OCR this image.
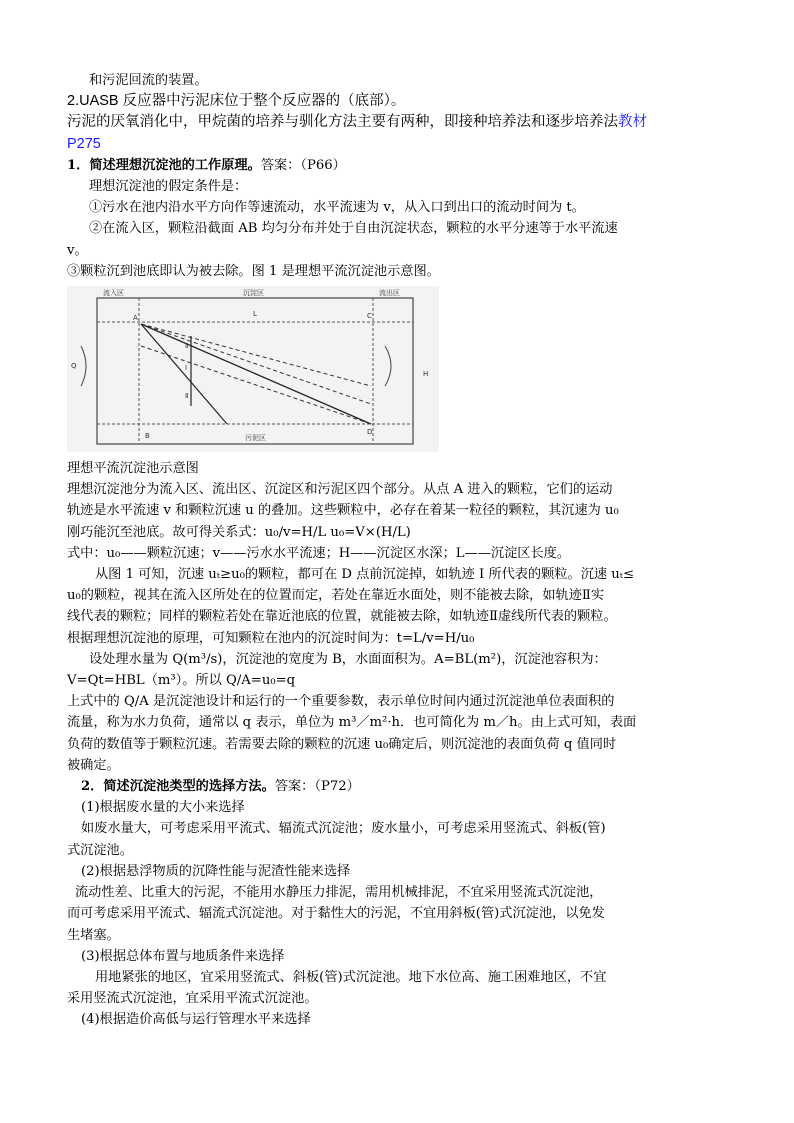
和污泥回流的装置。
2.UASB 反应器中污泥床位于整个反应器的（底部）。
污泥的厌氧消化中，甲烷菌的培养与驯化方法主要有两种，即接种培养法和逐步培养法教材
P275
1．简述理想沉淀池的工作原理。答案：（P66）
理想沉淀池的假定条件是：
①污水在池内沿水平方向作等速流动，水平流速为 v，从入口到出口的流动时间为 t。
②在流入区，颗粒沿截面 AB 均匀分布并处于自由沉淀状态，颗粒的水平分速等于水平流速
v。
③颗粒沉到池底即认为被去除。图 1 是理想平流沉淀池示意图。
流入区	沉淀区	流出区
污泥区
A
B
C
D
L
H
Q	I
Ⅱ
Ⅱ
理想平流沉淀池示意图
理想沉淀池分为流入区、流出区、沉淀区和污泥区四个部分。从点 A 进入的颗粒，它们的运动
轨迹是水平流速 v 和颗粒沉速 u 的叠加。这些颗粒中，必存在着某一粒径的颗粒，其沉速为 u₀
刚巧能沉至池底。故可得关系式：u₀/v=H/L u₀=V×(H/L)
式中：u₀——颗粒沉速；v——污水水平流速；H——沉淀区水深；L——沉淀区长度。
从图 1 可知，沉速 uₜ≥u₀的颗粒，都可在 D 点前沉淀掉，如轨迹 I 所代表的颗粒。沉速 uₜ≤
u₀的颗粒，视其在流入区所处在的位置而定，若处在靠近水面处，则不能被去除，如轨迹Ⅱ实
线代表的颗粒；同样的颗粒若处在靠近池底的位置，就能被去除，如轨迹Ⅱ虚线所代表的颗粒。
根据理想沉淀池的原理，可知颗粒在池内的沉淀时间为：t=L/v=H/u₀
设处理水量为 Q(m³/s)，沉淀池的宽度为 B，水面面积为。A=BL(m²)，沉淀池容积为：
V=Qt=HBL（m³）。所以 Q/A=u₀=q
上式中的 Q/A 是沉淀池设计和运行的一个重要参数，表示单位时间内通过沉淀池单位表面积的
流量，称为水力负荷，通常以 q 表示，单位为 m³／m²·h．也可简化为 m／h。由上式可知，表面
负荷的数值等于颗粒沉速。若需要去除的颗粒的沉速 u₀确定后，则沉淀池的表面负荷 q 值同时
被确定。
2．简述沉淀池类型的选择方法。答案：（P72）
(1)根据废水量的大小来选择
如废水量大，可考虑采用平流式、辐流式沉淀池；废水量小，可考虑采用竖流式、斜板(管)
式沉淀池。
(2)根据悬浮物质的沉降性能与泥渣性能来选择
流动性差、比重大的污泥，不能用水静压力排泥，需用机械排泥，不宜采用竖流式沉淀池，
而可考虑采用平流式、辐流式沉淀池。对于黏性大的污泥，不宜用斜板(管)式沉淀池，以免发
生堵塞。
(3)根据总体布置与地质条件来选择
用地紧张的地区，宜采用竖流式、斜板(管)式沉淀池。地下水位高、施工困难地区，不宜
采用竖流式沉淀池，宜采用平流式沉淀池。
(4)根据造价高低与运行管理水平来选择
